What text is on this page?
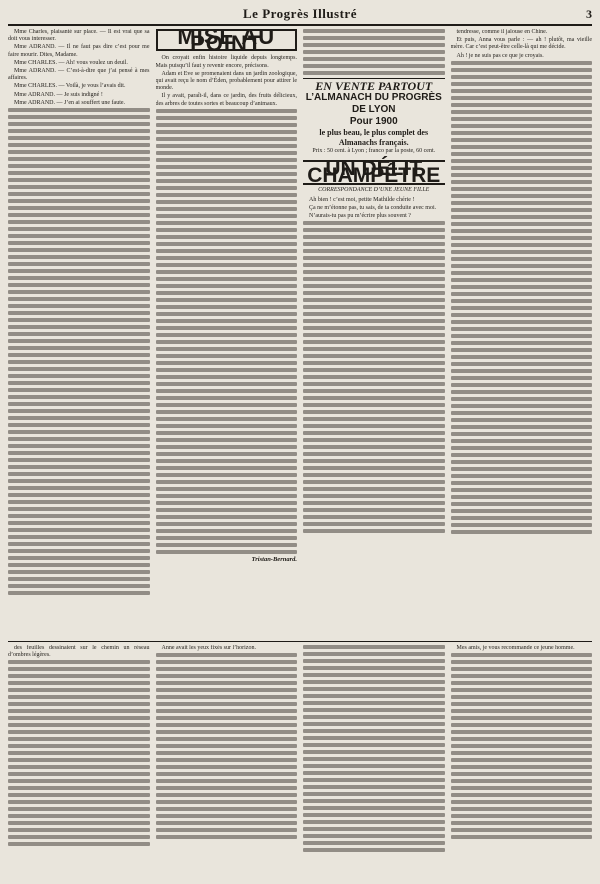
Le Progrès Illustré	3

Mme Charles, plaisanté sur place. — Il est vrai que sa doit vous interesser.

Mme ADRAND. — Il ne faut pas dire c’est pour me faire mourir. Dites, Madame.

Mme CHARLES. — Ah! vous voulez un deuil.

Mme ADRAND. — C’est-à-dire que j’ai pensé à mes affaires.

Mme CHARLES. — Voilà, je vous l’avais dit.

Mme ADRAND. — Je suis indigné !

Mme ADRAND. — J’en ai souffert une faute.

MISE AU POINT

On croyait enfin histoire liquide depuis longtemps. Mais puisqu’il faut y revenir encore, précisons.

Adam et Eve se promenaient dans un jardin zoologique, qui avait reçu le nom d’Éden, probablement pour attirer le monde.

Il y avait, paraît-il, dans ce jardin, des fruits délicieux, des arbres de toutes sortes et beaucoup d’animaux.

Tristan-Bernard.
EN VENTE PARTOUT
L’ALMANACH DU PROGRÈS DE LYON
Pour 1900
le plus beau, le plus complet des Almanachs français.
Prix : 50 cent. à Lyon ; franco par la poste, 60 cent.
UN DÉLIT CHAMPÊTRE
CORRESPONDANCE D’UNE JEUNE FILLE

Ah bien ! c’est moi, petite Mathilde chérie !

Ça ne m’étonne pas, tu sais, de ta conduite avec moi.

N’aurais-tu pas pu m’écrire plus souvent ?

tendresse, comme il jalouse en Chine.

Et puis, Anna vous parle : — ah ! plutôt, ma vieille mère. Car c’est peut-être celle-là qui me décide.

Ah ! je ne suis pas ce que je croyais.

des feuilles dessinaient sur le chemin un réseau d’ombres légères.

Anne avait les yeux fixés sur l’horizon.	Mes amis, je vous recommande ce jeune homme.
